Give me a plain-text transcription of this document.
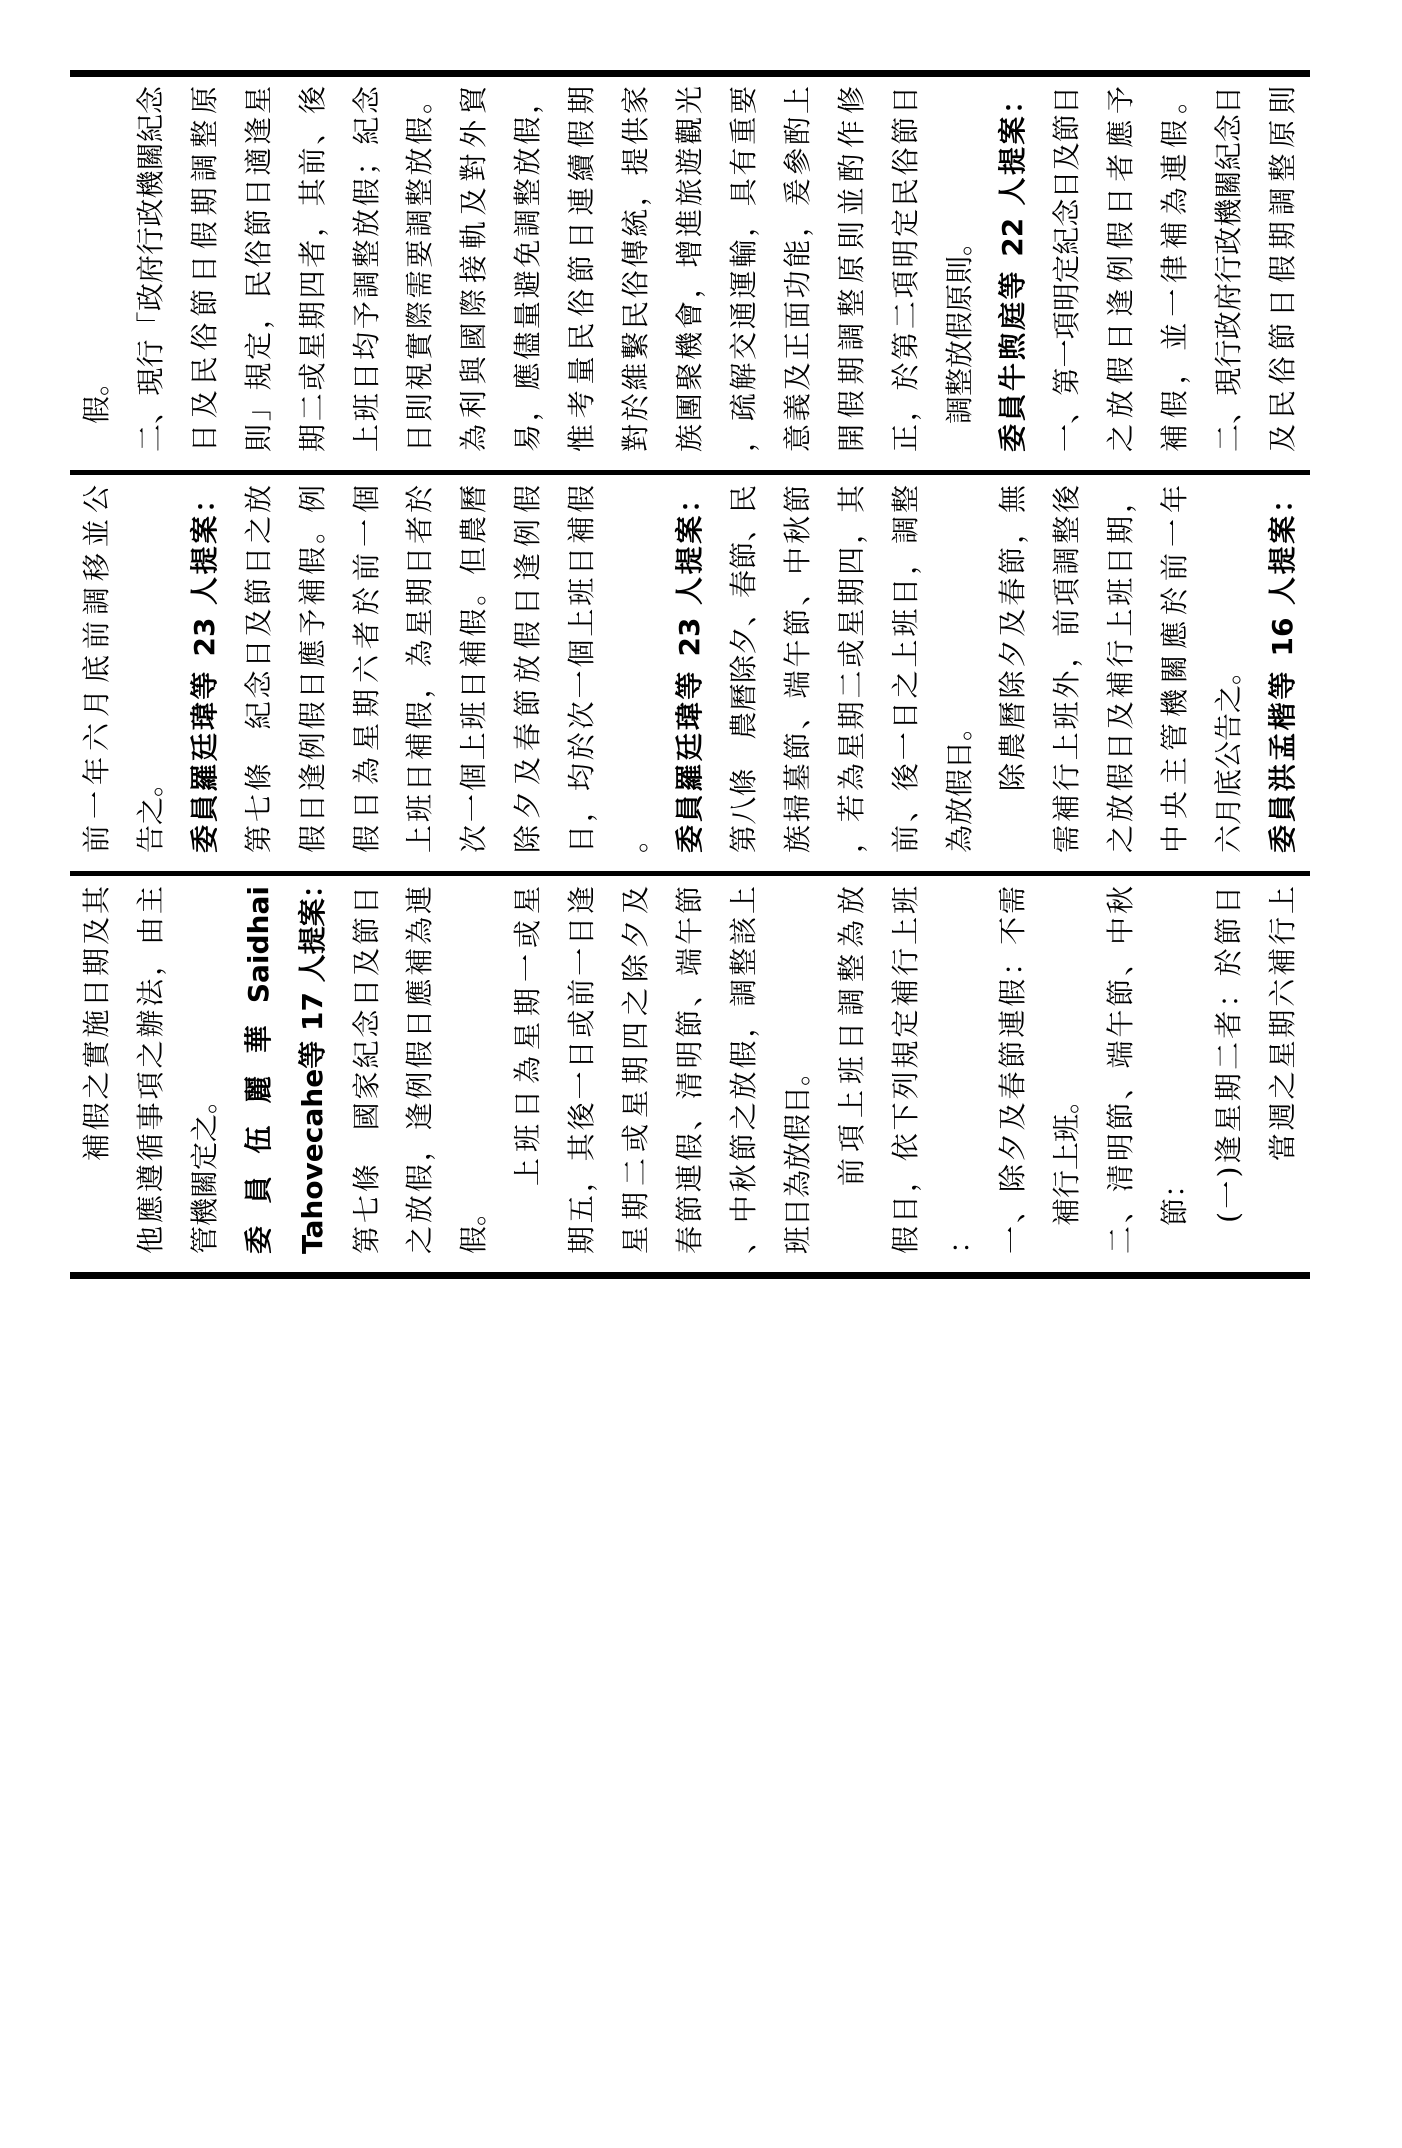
　假。 二、現行「政府行政機關紀念 日及民俗節日假期調整原 則」規定，民俗節日適逢星 期二或星期四者，其前、後 上班日均予調整放假；紀念 日則視實際需要調整放假。 為利與國際接軌及對外貿 易，應儘量避免調整放假， 惟考量民俗節日連續假期 對於維繫民俗傳統，提供家 族團聚機會，增進旅遊觀光 ，疏解交通運輸，具有重要 意義及正面功能，爰參酌上 開假期調整原則並酌作修 正，於第二項明定民俗節日 　調整放假原則。 委員牛煦庭等 22 人提案： 一、第一項明定紀念日及節日 之放假日逢例假日者應予 補假，並一律補為連假。 二、現行政府行政機關紀念日 及民俗節日假期調整原則
前一年六月底前調移並公 告之。 委員羅廷瑋等 23 人提案： 第七條　紀念日及節日之放 假日逢例假日應予補假。例 假日為星期六者於前一個 上班日補假，為星期日者於 次一個上班日補假。但農曆 除夕及春節放假日逢例假 日，均於次一個上班日補假 。 委員羅廷瑋等 23 人提案： 第八條　農曆除夕、春節、民 族掃墓節、端午節、中秋節 ，若為星期二或星期四，其 前、後一日之上班日，調整 為放假日。 　　除農曆除夕及春節，無 需補行上班外，前項調整後 之放假日及補行上班日期， 中央主管機關應於前一年 六月底公告之。 委員洪孟楷等 16 人提案：
　　　補假之實施日期及其 他應遵循事項之辦法，由主 管機關定之。 委員伍麗華Saidhai Tahovecahe等 17 人提案： 第七條　國家紀念日及節日 之放假，逢例假日應補為連 假。 　　上班日為星期一或星 期五，其後一日或前一日逢 星期二或星期四之除夕及 春節連假、清明節、端午節 、中秋節之放假，調整該上 班日為放假日。 　　前項上班日調整為放 假日，依下列規定補行上班 ： 一、除夕及春節連假：不需 　補行上班。 二、清明節、端午節、中秋 　節： 　(一)逢星期二者：於節日 　　　當週之星期六補行上
